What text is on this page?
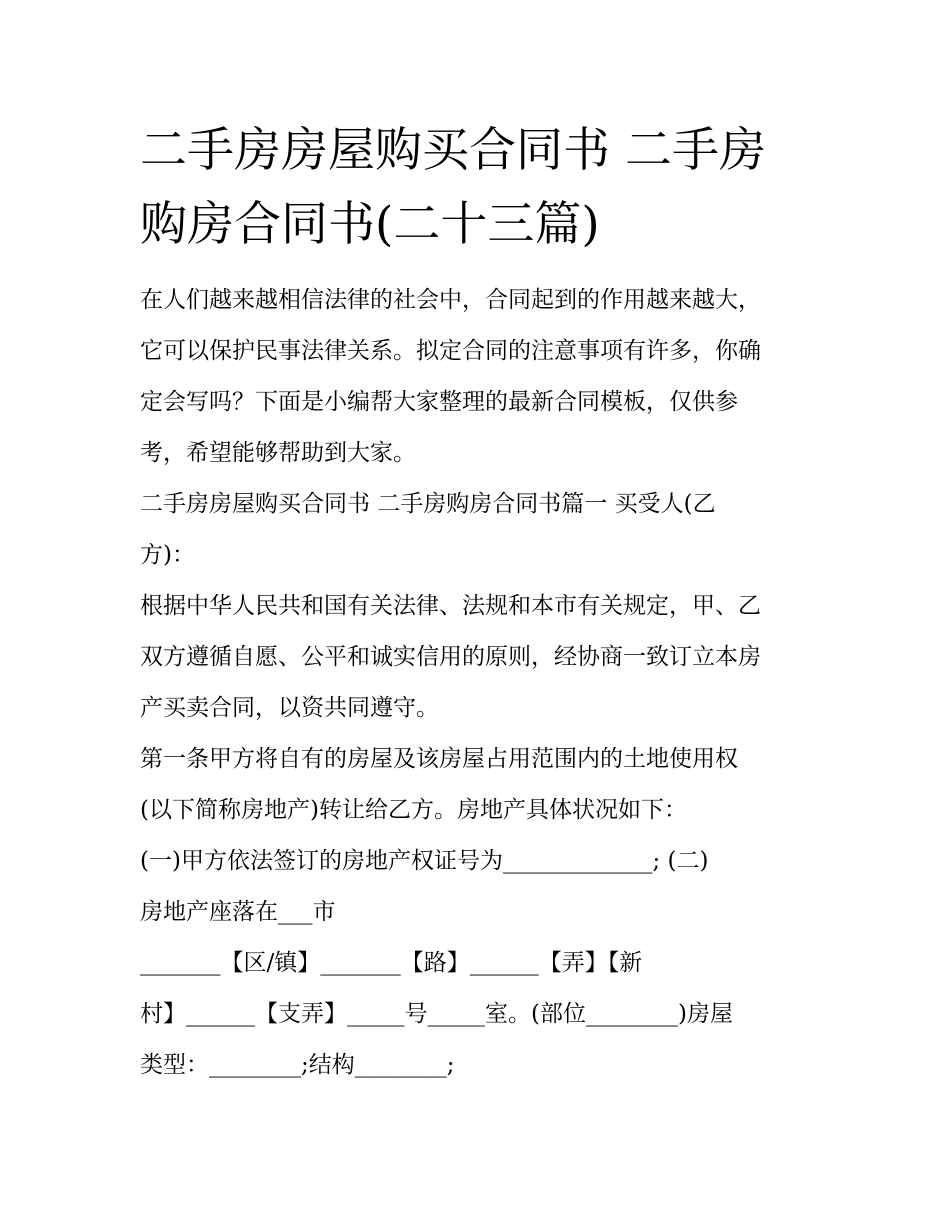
二手房房屋购买合同书 二手房
购房合同书(二十三篇)
在人们越来越相信法律的社会中，合同起到的作用越来越大，
它可以保护民事法律关系。拟定合同的注意事项有许多，你确
定会写吗？下面是小编帮大家整理的最新合同模板，仅供参
考，希望能够帮助到大家。
二手房房屋购买合同书 二手房购房合同书篇一 买受人(乙
方)：
根据中华人民共和国有关法律、法规和本市有关规定，甲、乙
双方遵循自愿、公平和诚实信用的原则，经协商一致订立本房
产买卖合同，以资共同遵守。
第一条甲方将自有的房屋及该房屋占用范围内的土地使用权
(以下简称房地产)转让给乙方。房地产具体状况如下：
(一)甲方依法签订的房地产权证号为_____________; (二)
房地产座落在___市
_______【区/镇】_______【路】______【弄】【新
村】______【支弄】_____号_____室。(部位________)房屋
类型：________;结构________;
